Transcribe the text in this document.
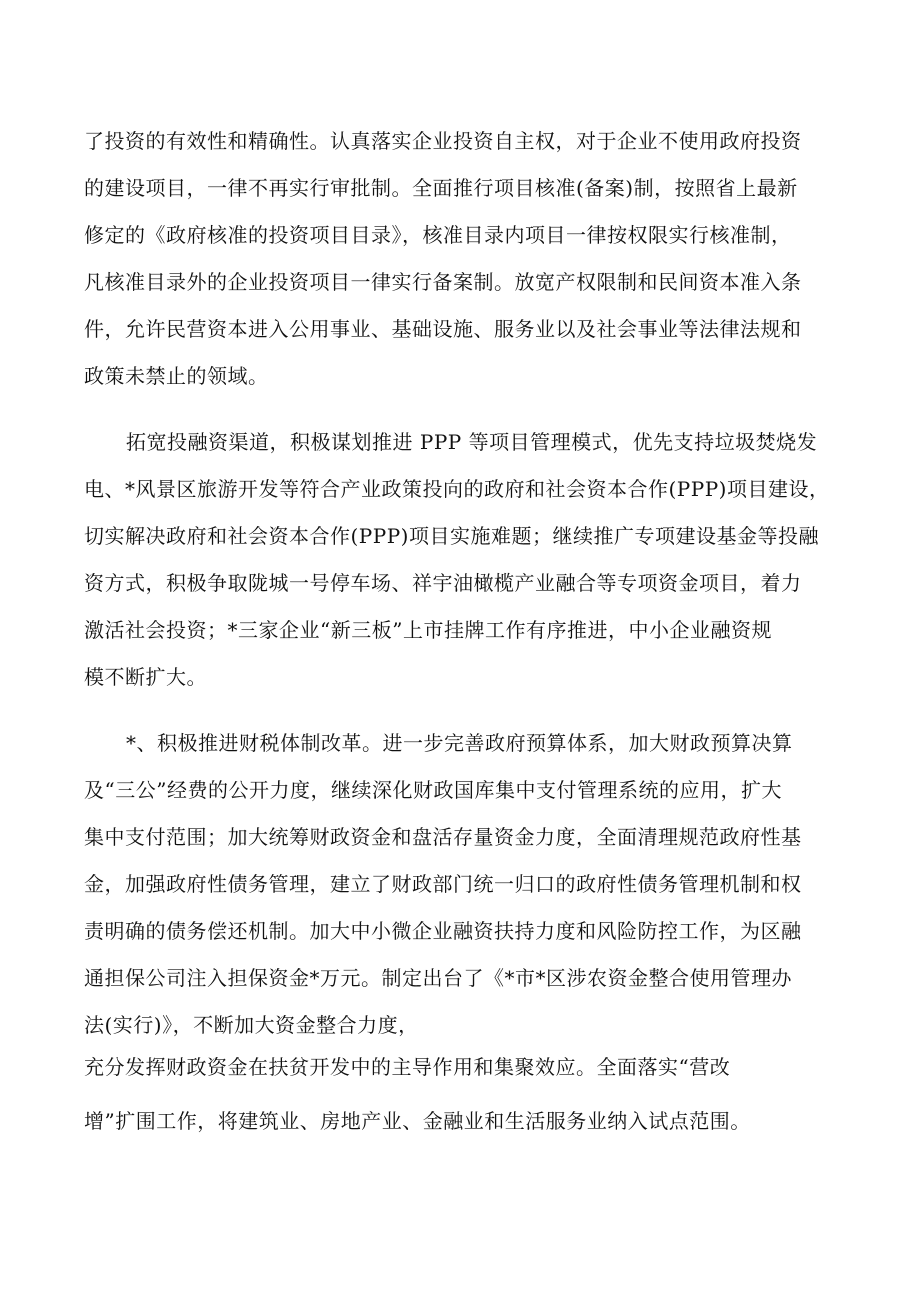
了投资的有效性和精确性。认真落实企业投资自主权，对于企业不使用政府投资
的建设项目，一律不再实行审批制。全面推行项目核准(备案)制，按照省上最新
修定的《政府核准的投资项目目录》，核准目录内项目一律按权限实行核准制，
凡核准目录外的企业投资项目一律实行备案制。放宽产权限制和民间资本准入条
件，允许民营资本进入公用事业、基础设施、服务业以及社会事业等法律法规和
政策未禁止的领域。
拓宽投融资渠道，积极谋划推进 PPP 等项目管理模式，优先支持垃圾焚烧发
电、*风景区旅游开发等符合产业政策投向的政府和社会资本合作(PPP)项目建设，
切实解决政府和社会资本合作(PPP)项目实施难题；继续推广专项建设基金等投融
资方式，积极争取陇城一号停车场、祥宇油橄榄产业融合等专项资金项目，着力
激活社会投资；*三家企业“新三板”上市挂牌工作有序推进，中小企业融资规
模不断扩大。
*、积极推进财税体制改革。进一步完善政府预算体系，加大财政预算决算
及“三公”经费的公开力度，继续深化财政国库集中支付管理系统的应用，扩大
集中支付范围；加大统筹财政资金和盘活存量资金力度，全面清理规范政府性基
金，加强政府性债务管理，建立了财政部门统一归口的政府性债务管理机制和权
责明确的债务偿还机制。加大中小微企业融资扶持力度和风险防控工作，为区融
通担保公司注入担保资金*万元。制定出台了《*市*区涉农资金整合使用管理办
法(实行)》，不断加大资金整合力度，
充分发挥财政资金在扶贫开发中的主导作用和集聚效应。全面落实“营改
增”扩围工作，将建筑业、房地产业、金融业和生活服务业纳入试点范围。
